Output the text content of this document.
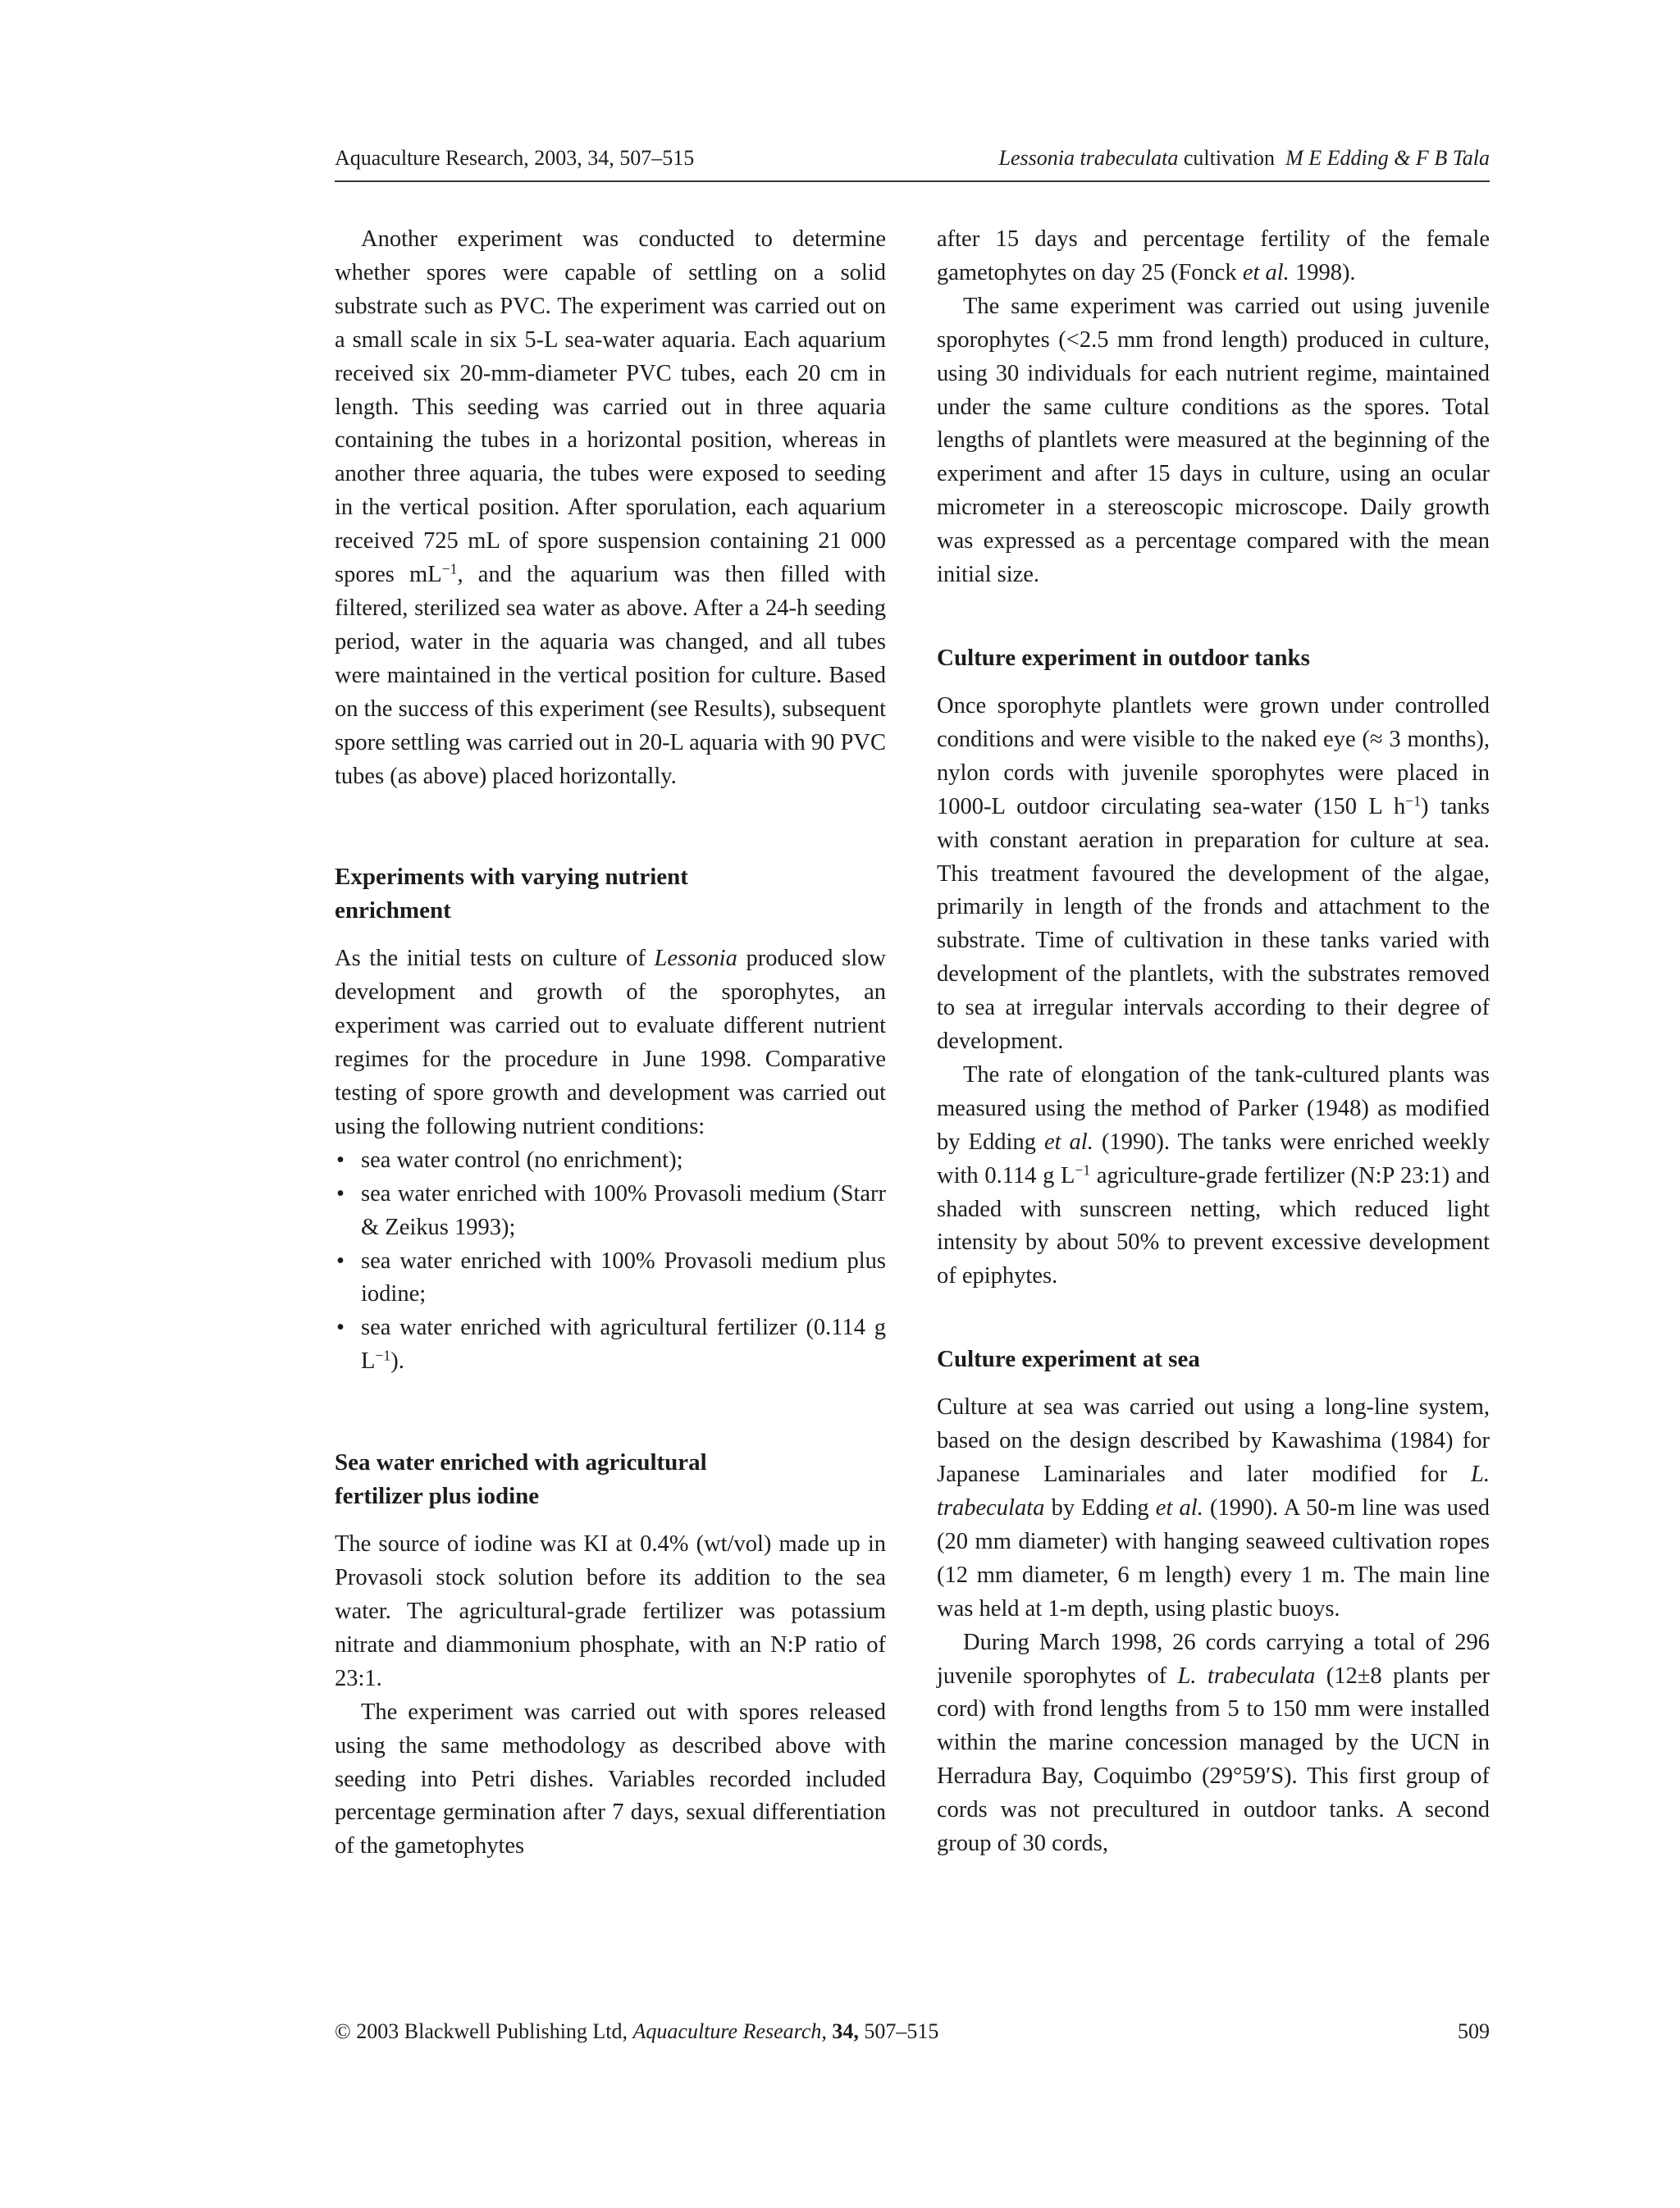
Aquaculture Research, 2003, 34, 507–515	Lessonia trabeculata cultivation M E Edding & F B Tala

Another experiment was conducted to determine whether spores were capable of settling on a solid substrate such as PVC. The experiment was carried out on a small scale in six 5-L sea-water aquaria. Each aquarium received six 20-mm-diameter PVC tubes, each 20 cm in length. This seeding was carried out in three aquaria containing the tubes in a horizontal position, whereas in another three aquaria, the tubes were exposed to seeding in the vertical position. After sporulation, each aquarium received 725 mL of spore suspension containing 21 000 spores $mL^{-1}$, and the aquarium was then filled with filtered, sterilized sea water as above. After a 24-h seeding period, water in the aquaria was changed, and all tubes were maintained in the vertical position for culture. Based on the success of this experiment (see Results), subsequent spore settling was carried out in 20-L aquaria with 90 PVC tubes (as above) placed horizontally.

Experiments with varying nutrient
enrichment

As the initial tests on culture of Lessonia produced slow development and growth of the sporophytes, an experiment was carried out to evaluate different nutrient regimes for the procedure in June 1998. Comparative testing of spore growth and development was carried out using the following nutrient conditions:

• sea water control (no enrichment);
• sea water enriched with 100% Provasoli medium (Starr & Zeikus 1993);
• sea water enriched with 100% Provasoli medium plus iodine;
• sea water enriched with agricultural fertilizer (0.114 g $L^{-1}$).
Sea water enriched with agricultural
fertilizer plus iodine

The source of iodine was KI at 0.4% (wt/vol) made up in Provasoli stock solution before its addition to the sea water. The agricultural-grade fertilizer was potassium nitrate and diammonium phosphate, with an N:P ratio of 23:1.

The experiment was carried out with spores released using the same methodology as described above with seeding into Petri dishes. Variables recorded included percentage germination after 7 days, sexual differentiation of the gametophytes

after 15 days and percentage fertility of the female gametophytes on day 25 (Fonck et al. 1998).

The same experiment was carried out using juvenile sporophytes (<2.5 mm frond length) produced in culture, using 30 individuals for each nutrient regime, maintained under the same culture conditions as the spores. Total lengths of plantlets were measured at the beginning of the experiment and after 15 days in culture, using an ocular micrometer in a stereoscopic microscope. Daily growth was expressed as a percentage compared with the mean initial size.

Culture experiment in outdoor tanks

Once sporophyte plantlets were grown under controlled conditions and were visible to the naked eye (≈ 3 months), nylon cords with juvenile sporophytes were placed in 1000-L outdoor circulating sea-water (150 L $h^{-1}$) tanks with constant aeration in preparation for culture at sea. This treatment favoured the development of the algae, primarily in length of the fronds and attachment to the substrate. Time of cultivation in these tanks varied with development of the plantlets, with the substrates removed to sea at irregular intervals according to their degree of development.

The rate of elongation of the tank-cultured plants was measured using the method of Parker (1948) as modified by Edding et al. (1990). The tanks were enriched weekly with 0.114 g $L^{-1}$ agriculture-grade fertilizer (N:P 23:1) and shaded with sunscreen netting, which reduced light intensity by about 50% to prevent excessive development of epiphytes.

Culture experiment at sea

Culture at sea was carried out using a long-line system, based on the design described by Kawashima (1984) for Japanese Laminariales and later modified for L. trabeculata by Edding et al. (1990). A 50-m line was used (20 mm diameter) with hanging seaweed cultivation ropes (12 mm diameter, 6 m length) every 1 m. The main line was held at 1-m depth, using plastic buoys.

During March 1998, 26 cords carrying a total of 296 juvenile sporophytes of L. trabeculata (12±8 plants per cord) with frond lengths from 5 to 150 mm were installed within the marine concession managed by the UCN in Herradura Bay, Coquimbo (29°59′S). This first group of cords was not precultured in outdoor tanks. A second group of 30 cords,

© 2003 Blackwell Publishing Ltd, Aquaculture Research, 34, 507–515	509
